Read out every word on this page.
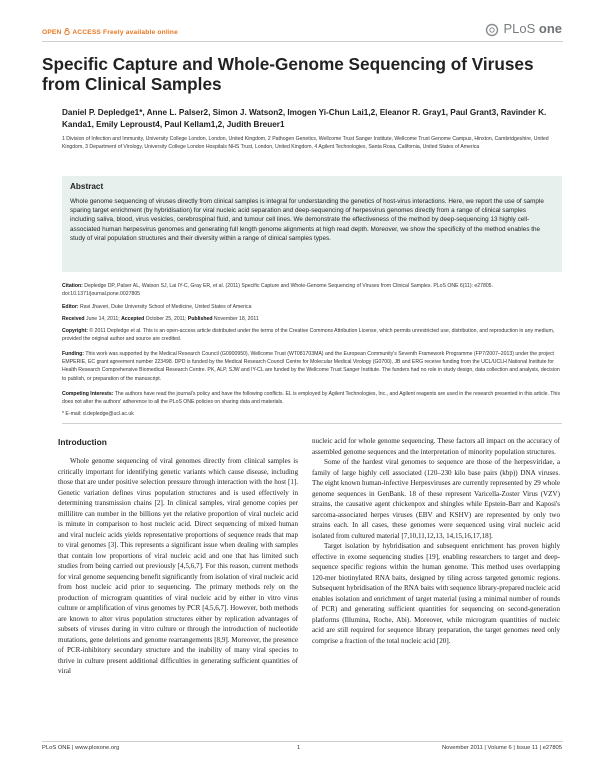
OPEN ACCESS Freely available online	PLoS one
Specific Capture and Whole-Genome Sequencing of Viruses from Clinical Samples

Daniel P. Depledge1*, Anne L. Palser2, Simon J. Watson2, Imogen Yi-Chun Lai1,2, Eleanor R. Gray1, Paul Grant3, Ravinder K. Kanda1, Emily Leproust4, Paul Kellam1,2, Judith Breuer1

1 Division of Infection and Immunity, University College London, London, United Kingdom, 2 Pathogen Genetics, Wellcome Trust Sanger Institute, Wellcome Trust Genome Campus, Hinxton, Cambridgeshire, United Kingdom, 3 Department of Virology, University College London Hospitals NHS Trust, London, United Kingdom, 4 Agilent Technologies, Santa Rosa, California, United States of America

Abstract

Whole genome sequencing of viruses directly from clinical samples is integral for understanding the genetics of host-virus interactions. Here, we report the use of sample sparing target enrichment (by hybridisation) for viral nucleic acid separation and deep-sequencing of herpesvirus genomes directly from a range of clinical samples including saliva, blood, virus vesicles, cerebrospinal fluid, and tumour cell lines. We demonstrate the effectiveness of the method by deep-sequencing 13 highly cell-associated human herpesvirus genomes and generating full length genome alignments at high read depth. Moreover, we show the specificity of the method enables the study of viral population structures and their diversity within a range of clinical samples types.

Citation: Depledge DP, Palser AL, Watson SJ, Lai IY-C, Gray ER, et al. (2011) Specific Capture and Whole-Genome Sequencing of Viruses from Clinical Samples. PLoS ONE 6(11): e27805. doi:10.1371/journal.pone.0027805

Editor: Ravi Jhaveri, Duke University School of Medicine, United States of America

Received June 14, 2011; Accepted October 25, 2011; Published November 18, 2011

Copyright: © 2011 Depledge et al. This is an open-access article distributed under the terms of the Creative Commons Attribution License, which permits unrestricted use, distribution, and reproduction in any medium, provided the original author and source are credited.

Funding: This work was supported by the Medical Research Council (G0900950), Wellcome Trust (WT081703MA) and the European Community's Seventh Framework Programme (FP7/2007–2013) under the project EMPERIE, EC grant agreement number 223498. DPD is funded by the Medical Research Council Centre for Molecular Medical Virology (G0700), JB and ERG receive funding from the UCL/UCLH National Institute for Health Research Comprehensive Biomedical Research Centre. PK, ALP, SJW and IY-CL are funded by the Wellcome Trust Sanger Institute. The funders had no role in study design, data collection and analysis, decision to publish, or preparation of the manuscript.

Competing Interests: The authors have read the journal's policy and have the following conflicts. EL is employed by Agilent Technologies, Inc., and Agilent reagents are used in the research presented in this article. This does not alter the authors' adherence to all the PLoS ONE policies on sharing data and materials.

* E-mail: d.depledge@ucl.ac.uk

Introduction

Whole genome sequencing of viral genomes directly from clinical samples is critically important for identifying genetic variants which cause disease, including those that are under positive selection pressure through interaction with the host [1]. Genetic variation defines virus population structures and is used effectively in determining transmission chains [2]. In clinical samples, viral genome copies per millilitre can number in the billions yet the relative proportion of viral nucleic acid is minute in comparison to host nucleic acid. Direct sequencing of mixed human and viral nucleic acids yields representative proportions of sequence reads that map to viral genomes [3]. This represents a significant issue when dealing with samples that contain low proportions of viral nucleic acid and one that has limited such studies from being carried out previously [4,5,6,7]. For this reason, current methods for viral genome sequencing benefit significantly from isolation of viral nucleic acid from host nucleic acid prior to sequencing. The primary methods rely on the production of microgram quantities of viral nucleic acid by either in vitro virus culture or amplification of virus genomes by PCR [4,5,6,7]. However, both methods are known to alter virus population structures either by replication advantages of subsets of viruses during in vitro culture or through the introduction of nucleotide mutations, gene deletions and genome rearrangements [8,9]. Moreover, the presence of PCR-inhibitory secondary structure and the inability of many viral species to thrive in culture present additional difficulties in generating sufficient quantities of viral

nucleic acid for whole genome sequencing. These factors all impact on the accuracy of assembled genome sequences and the interpretation of minority population structures.

Some of the hardest viral genomes to sequence are those of the herpesviridae, a family of large highly cell associated (120–230 kilo base pairs (kbp)) DNA viruses. The eight known human-infective Herpesviruses are currently represented by 29 whole genome sequences in GenBank. 18 of these represent Varicella-Zoster Virus (VZV) strains, the causative agent chickenpox and shingles while Epstein-Barr and Kaposi's sarcoma-associated herpes viruses (EBV and KSHV) are represented by only two strains each. In all cases, these genomes were sequenced using viral nucleic acid isolated from cultured material [7,10,11,12,13, 14,15,16,17,18].

Target isolation by hybridisation and subsequent enrichment has proven highly effective in exome sequencing studies [19], enabling researchers to target and deep-sequence specific regions within the human genome. This method uses overlapping 120-mer biotinylated RNA baits, designed by tiling across targeted genomic regions. Subsequent hybridisation of the RNA baits with sequence library-prepared nucleic acid enables isolation and enrichment of target material (using a minimal number of rounds of PCR) and generating sufficient quantities for sequencing on second-generation platforms (Illumina, Roche, Abi). Moreover, while microgram quantities of nucleic acid are still required for sequence library preparation, the target genomes need only comprise a fraction of the total nucleic acid [20].

PLoS ONE | www.plosone.org	1	November 2011 | Volume 6 | Issue 11 | e27805
